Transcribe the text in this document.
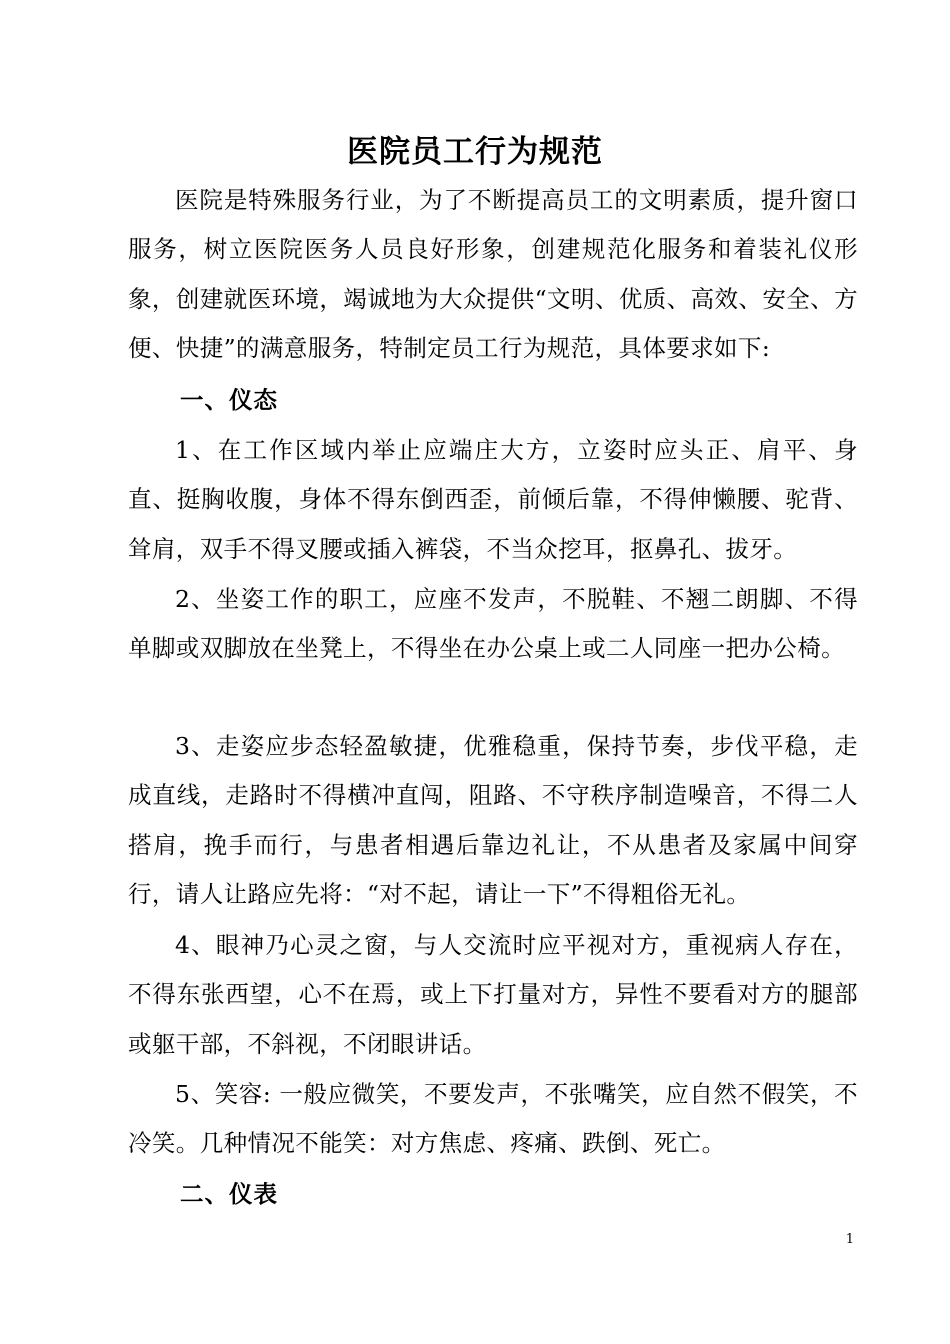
医院员工行为规范

医院是特殊服务行业，为了不断提高员工的文明素质，提升窗口服务，树立医院医务人员良好形象，创建规范化服务和着装礼仪形象，创建就医环境，竭诚地为大众提供“文明、优质、高效、安全、方便、快捷”的满意服务，特制定员工行为规范，具体要求如下:

一、仪态

1、在工作区域内举止应端庄大方，立姿时应头正、肩平、身直、挺胸收腹，身体不得东倒西歪，前倾后靠，不得伸懒腰、驼背、耸肩，双手不得叉腰或插入裤袋，不当众挖耳，抠鼻孔、拔牙。

2、坐姿工作的职工，应座不发声，不脱鞋、不翘二朗脚、不得单脚或双脚放在坐凳上，不得坐在办公桌上或二人同座一把办公椅。

3、走姿应步态轻盈敏捷，优雅稳重，保持节奏，步伐平稳，走成直线，走路时不得横冲直闯，阻路、不守秩序制造噪音，不得二人搭肩，挽手而行，与患者相遇后靠边礼让，不从患者及家属中间穿行，请人让路应先将：“对不起，请让一下”不得粗俗无礼。

4、眼神乃心灵之窗，与人交流时应平视对方，重视病人存在，不得东张西望，心不在焉，或上下打量对方，异性不要看对方的腿部或躯干部，不斜视，不闭眼讲话。

5、笑容: 一般应微笑，不要发声，不张嘴笑，应自然不假笑，不冷笑。几种情况不能笑：对方焦虑、疼痛、跌倒、死亡。

二、仪表
1
